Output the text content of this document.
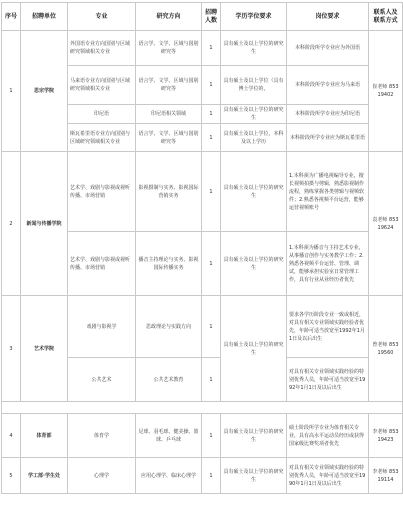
序号	招聘单位	专业	研究方向	招聘人数	学历学位要求	岗位要求	联系人及联系方式
1	思宗学院	外国语专业方向国别与区域研究领域相关专业	语言学、文学、区域与国别研究等	1	具有硕士及以上学位的研究生	本科阶段所学专业应为外国语	崔老师 85319402
		马来语专业方向国别与区域研究领域相关专业	语言学、文学、区域与国别研究等	1	具有硕士及以上学位（具有博士学位的，	本科阶段所学专业应为马来语	
		印尼语	印尼语相关领域	1	具有硕士及以上学位的研究生	本科阶段所学专业应为印尼语	
		斯瓦希里语专业方向国别与区域研究领域相关专业	语言学、文学、区域与国别研究等	1	具有硕士及以上学位，本科及以上学历	本科阶段所学专业应为斯瓦希里语	
2	新闻与传播学院	艺术学、戏剧与影视或视听传播、市场营销	影视摄制与实务、影视国际营销实务	1	具有硕士及以上学位的研究生	1.本科须为广播电视编导专业，擅长视频拍摄与剪辑，熟悉影视制作流程，熟练掌握各类剪辑与视频软件；2.熟悉各视频平台运营，能够运营视频账号	袁老师 85319624
		艺术学、戏剧与影视或视听传播、市场营销	播音主持理论与实务、影视国际传播实务	1	具有硕士及以上学位的研究生	1.本科须为播音与主持艺术专业，从事播音创作与实务教学工作；2.熟悉各视频平台运营、管理、调试，能够承担实验室日常管理工作，具有行业从业经历者优先	
3	艺术学院	戏剧与影视学	思政理论与实践方向	1	具有硕士及以上学位的研究生	要求各学历阶段专业一致或相近，对具有相关专业领域实践经验者优先，年龄可适当放宽至1992年1月1日及以后出生	曾老师 85319560
		公共艺术	公共艺术教育	1		对具有相关专业领域实践经验的特别优秀人员，年龄可适当放宽至1992年1月1日及以后出生	

4	体育部	体育学	足球、羽毛球、健美操、篮球、乒乓球	1	具有硕士及以上学位的研究生	硕士阶段所学专业为体育相关专业，具有高水平运动员经历或获得国家级比赛奖项者优先	李老师 85319423
5	学工部·学生处	心理学	应用心理学、临床心理学	1	具有硕士及以上学位的研究生	对具有相关专业领域实践经验的特别优秀人员，年龄可适当放宽至1990年1月1日及以后出生	李老师 85319114
